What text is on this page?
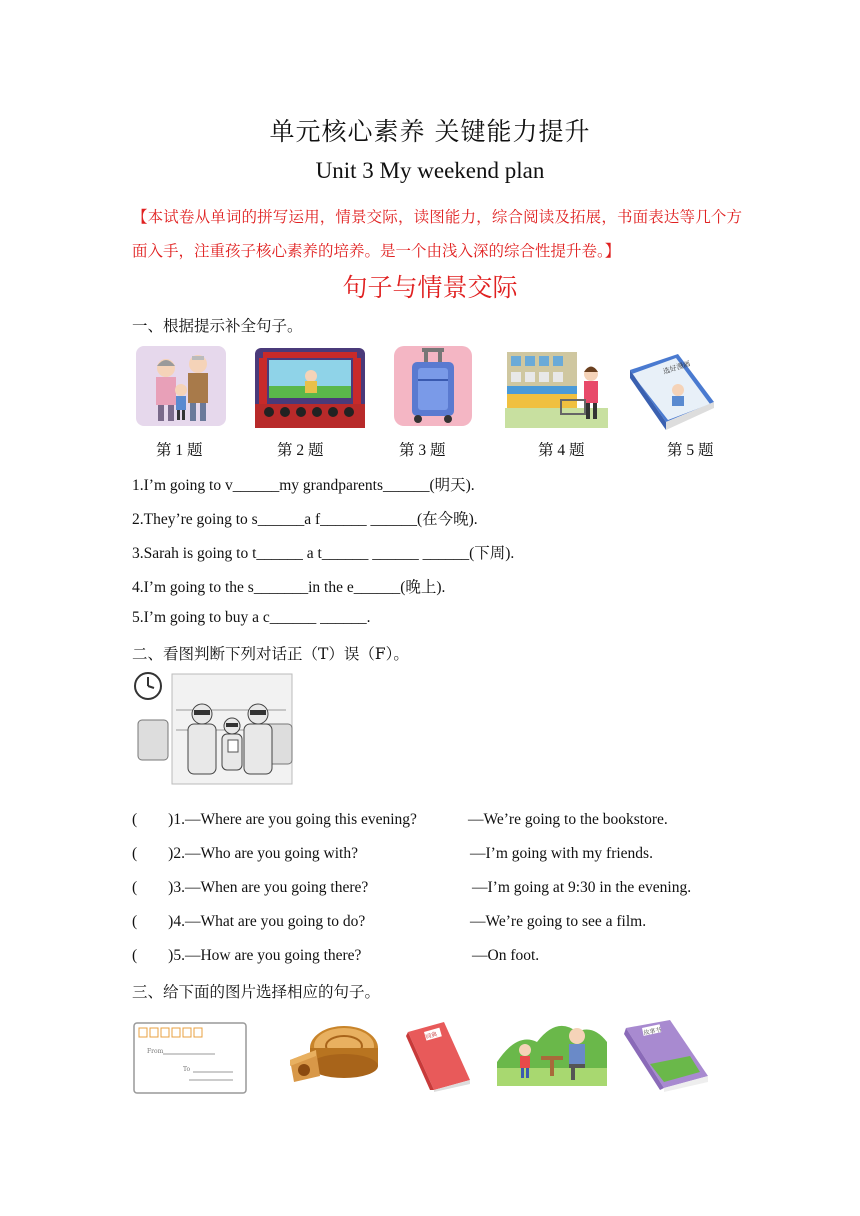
单元核心素养 关键能力提升
Unit 3 My weekend plan
【本试卷从单词的拼写运用，情景交际，读图能力，综合阅读及拓展，书面表达等几个方面入手，注重孩子核心素养的培养。是一个由浅入深的综合性提升卷。】
句子与情景交际
一、根据提示补全句子。
选好漫画
第 1 题	第 2 题	第 3 题	第 4 题	第 5 题
1.I’m going to v______my grandparents______(明天).
2.They’re going to s______a f______ ______(在今晚).
3.Sarah is going to t______ a t______ ______ ______(下周).
4.I’m going to the s_______in the e______(晚上).
5.I’m going to buy a c______ ______.
二、看图判断下列对话正（T）误（F）。
(        )1.—Where are you going this evening?	—We’re going to the bookstore.
(        )2.—Who are you going with?	—I’m going with my friends.
(        )3.—When are you going there?	—I’m going at 9:30 in the evening.
(        )4.—What are you going to do?	—We’re going to see a film.
(        )5.—How are you going there?	—On foot.
三、给下面的图片选择相应的句子。
From
To
词典	故事书
